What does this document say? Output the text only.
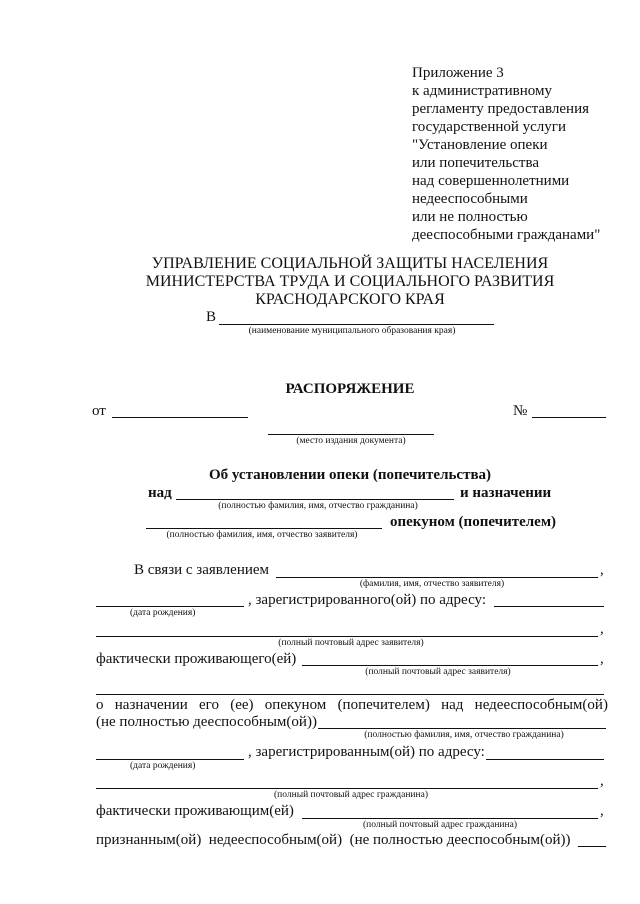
Приложение 3
к административному
регламенту предоставления
государственной услуги
"Установление опеки
или попечительства
над совершеннолетними
недееспособными
или не полностью
дееспособными гражданами"
УПРАВЛЕНИЕ СОЦИАЛЬНОЙ ЗАЩИТЫ НАСЕЛЕНИЯ
МИНИСТЕРСТВА ТРУДА И СОЦИАЛЬНОГО РАЗВИТИЯ
КРАСНОДАРСКОГО КРАЯ
В
(наименование муниципального образования края)
РАСПОРЯЖЕНИЕ
от	№
(место издания документа)
Об установлении опеки (попечительства)
над	и назначении
(полностью фамилия, имя, отчество гражданина)
опекуном (попечителем)
(полностью фамилия, имя, отчество заявителя)
В связи с заявлением	,
(фамилия, имя, отчество заявителя)
, зарегистрированного(ой) по адресу:
(дата рождения)
,
(полный почтовый адрес заявителя)
фактически проживающего(ей)	,
(полный почтовый адрес заявителя)
о назначении его (ее) опекуном (попечителем) над недееспособным(ой)
(не полностью дееспособным(ой))
(полностью фамилия, имя, отчество гражданина)
, зарегистрированным(ой) по адресу:
(дата рождения)
,
(полный почтовый адрес гражданина)
фактически проживающим(ей)	,
(полный почтовый адрес гражданина)
признанным(ой)  недееспособным(ой)  (не полностью дееспособным(ой))
